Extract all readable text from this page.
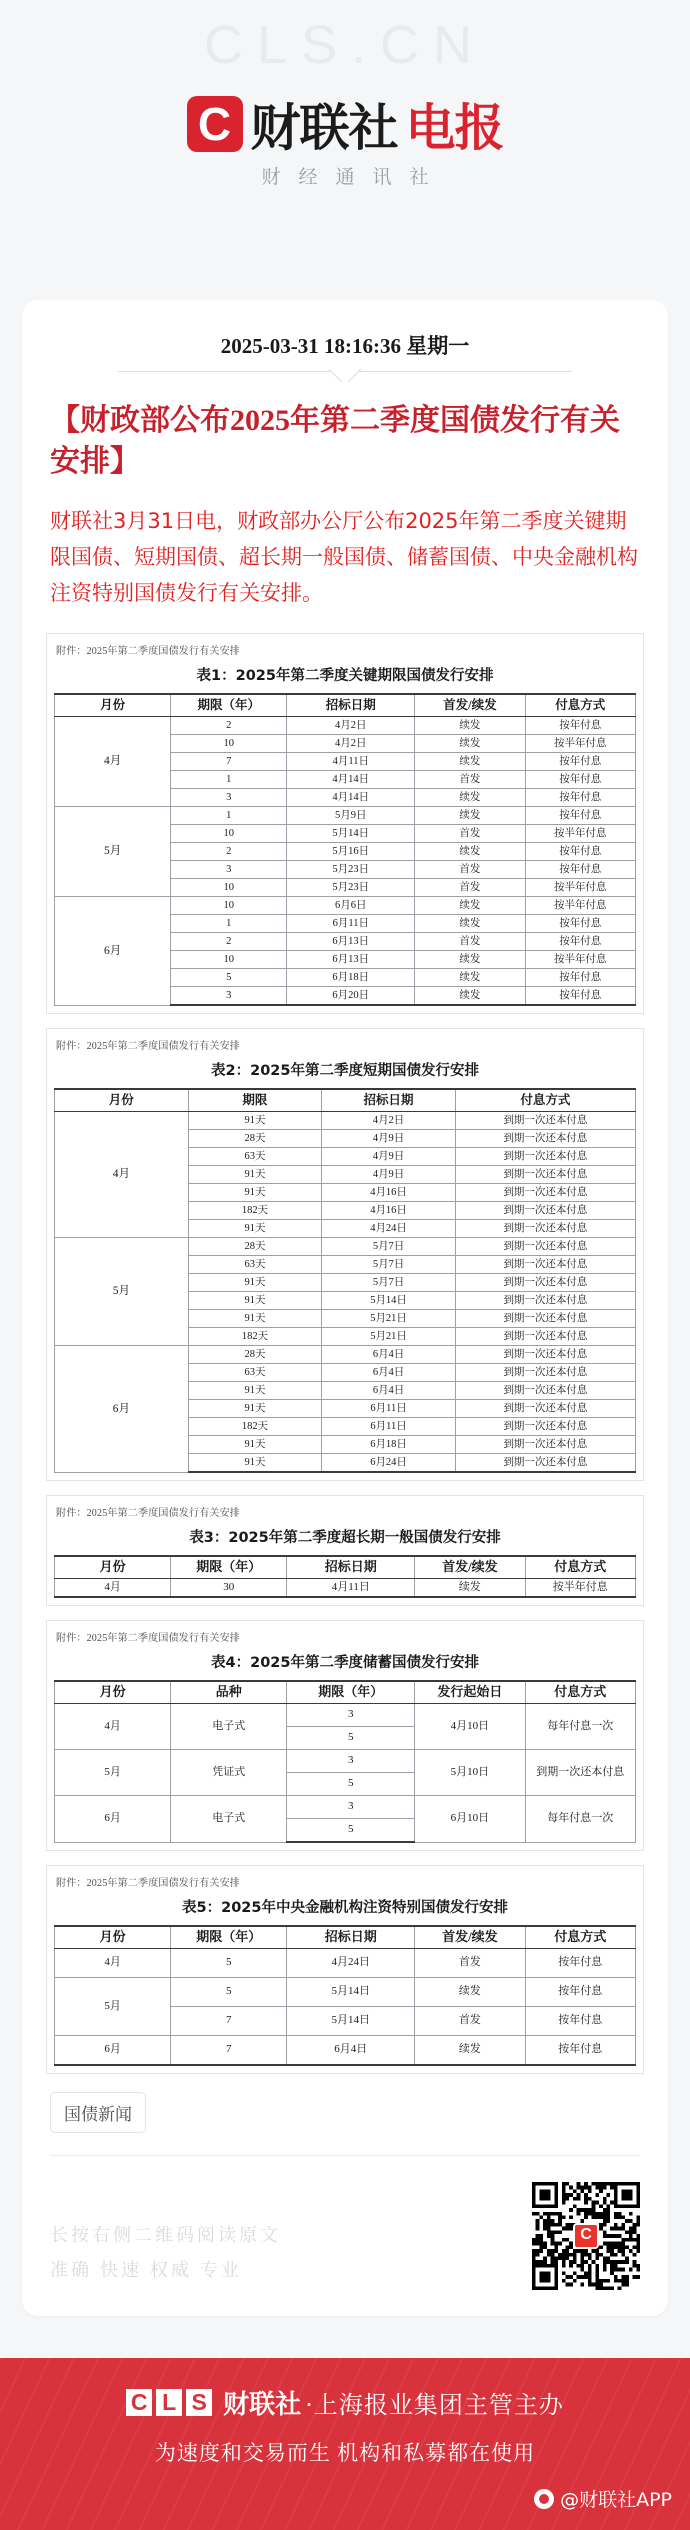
CLS.CN
C 财联社 电报
财经通讯社
2025-03-31 18:16:36 星期一
【财政部公布2025年第二季度国债发行有关安排】
财联社3月31日电，财政部办公厅公布2025年第二季度关键期限国债、短期国债、超长期一般国债、储蓄国债、中央金融机构注资特别国债发行有关安排。
附件：2025年第二季度国债发行有关安排
表1：2025年第二季度关键期限国债发行安排
月份	期限（年）	招标日期	首发/续发	付息方式
4月	2	4月2日	续发	按年付息
	10	4月2日	续发	按半年付息
	7	4月11日	续发	按年付息
	1	4月14日	首发	按年付息
	3	4月14日	续发	按年付息
5月	1	5月9日	续发	按年付息
	10	5月14日	首发	按半年付息
	2	5月16日	续发	按年付息
	3	5月23日	首发	按年付息
	10	5月23日	首发	按半年付息
6月	10	6月6日	续发	按半年付息
	1	6月11日	续发	按年付息
	2	6月13日	首发	按年付息
	10	6月13日	续发	按半年付息
	5	6月18日	续发	按年付息
	3	6月20日	续发	按年付息
附件：2025年第二季度国债发行有关安排
表2：2025年第二季度短期国债发行安排
月份	期限	招标日期	付息方式
4月	91天	4月2日	到期一次还本付息
	28天	4月9日	到期一次还本付息
	63天	4月9日	到期一次还本付息
	91天	4月9日	到期一次还本付息
	91天	4月16日	到期一次还本付息
	182天	4月16日	到期一次还本付息
	91天	4月24日	到期一次还本付息
5月	28天	5月7日	到期一次还本付息
	63天	5月7日	到期一次还本付息
	91天	5月7日	到期一次还本付息
	91天	5月14日	到期一次还本付息
	91天	5月21日	到期一次还本付息
	182天	5月21日	到期一次还本付息
6月	28天	6月4日	到期一次还本付息
	63天	6月4日	到期一次还本付息
	91天	6月4日	到期一次还本付息
	91天	6月11日	到期一次还本付息
	182天	6月11日	到期一次还本付息
	91天	6月18日	到期一次还本付息
	91天	6月24日	到期一次还本付息
附件：2025年第二季度国债发行有关安排
表3：2025年第二季度超长期一般国债发行安排
月份	期限（年）	招标日期	首发/续发	付息方式
4月	30	4月11日	续发	按半年付息
附件：2025年第二季度国债发行有关安排
表4：2025年第二季度储蓄国债发行安排
月份	品种	期限（年）	发行起始日	付息方式
4月	电子式	3	4月10日	每年付息一次
		5		
5月	凭证式	3	5月10日	到期一次还本付息
		5		
6月	电子式	3	6月10日	每年付息一次
		5		
附件：2025年第二季度国债发行有关安排
表5：2025年中央金融机构注资特别国债发行安排
月份	期限（年）	招标日期	首发/续发	付息方式
4月	5	4月24日	首发	按年付息
5月	5	5月14日	续发	按年付息
	7	5月14日	首发	按年付息
6月	7	6月4日	续发	按年付息
国债新闻
长按右侧二维码阅读原文
准确 快速 权威 专业
C
C L S 财联社 ·上海报业集团主管主办
为速度和交易而生 机构和私募都在使用
@财联社APP
